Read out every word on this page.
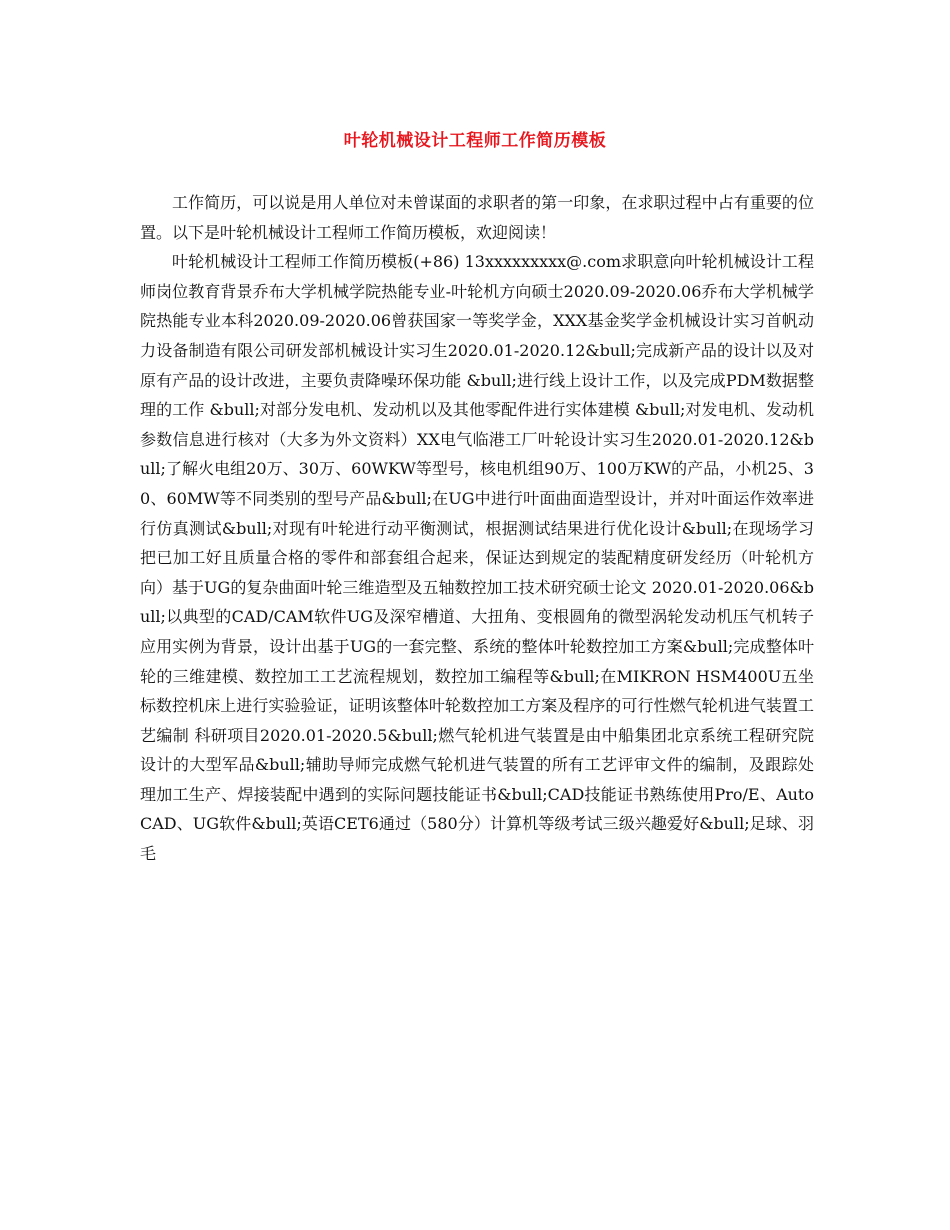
叶轮机械设计工程师工作简历模板

工作简历，可以说是用人单位对未曾谋面的求职者的第一印象，在求职过程中占有重要的位置。以下是叶轮机械设计工程师工作简历模板，欢迎阅读！

叶轮机械设计工程师工作简历模板(+86) 13xxxxxxxxx@.com求职意向叶轮机械设计工程师岗位教育背景乔布大学机械学院热能专业-叶轮机方向硕士2020.09-2020.06乔布大学机械学院热能专业本科2020.09-2020.06曾获国家一等奖学金，XXX基金奖学金机械设计实习首帆动力设备制造有限公司研发部机械设计实习生2020.01-2020.12&bull;完成新产品的设计以及对原有产品的设计改进，主要负责降噪环保功能 &bull;进行线上设计工作，以及完成PDM数据整理的工作 &bull;对部分发电机、发动机以及其他零配件进行实体建模 &bull;对发电机、发动机参数信息进行核对（大多为外文资料）XX电气临港工厂叶轮设计实习生2020.01-2020.12&bull;了解火电组20万、30万、60WKW等型号，核电机组90万、100万KW的产品，小机25、30、60MW等不同类别的型号产品&bull;在UG中进行叶面曲面造型设计，并对叶面运作效率进行仿真测试&bull;对现有叶轮进行动平衡测试，根据测试结果进行优化设计&bull;在现场学习把已加工好且质量合格的零件和部套组合起来，保证达到规定的装配精度研发经历（叶轮机方向）基于UG的复杂曲面叶轮三维造型及五轴数控加工技术研究硕士论文 2020.01-2020.06&bull;以典型的CAD/CAM软件UG及深窄槽道、大扭角、变根圆角的微型涡轮发动机压气机转子应用实例为背景，设计出基于UG的一套完整、系统的整体叶轮数控加工方案&bull;完成整体叶轮的三维建模、数控加工工艺流程规划，数控加工编程等&bull;在MIKRON HSM400U五坐标数控机床上进行实验验证，证明该整体叶轮数控加工方案及程序的可行性燃气轮机进气装置工艺编制 科研项目2020.01-2020.5&bull;燃气轮机进气装置是由中船集团北京系统工程研究院设计的大型军品&bull;辅助导师完成燃气轮机进气装置的所有工艺评审文件的编制，及跟踪处理加工生产、焊接装配中遇到的实际问题技能证书&bull;CAD技能证书熟练使用Pro/E、Auto CAD、UG软件&bull;英语CET6通过（580分）计算机等级考试三级兴趣爱好&bull;足球、羽毛
